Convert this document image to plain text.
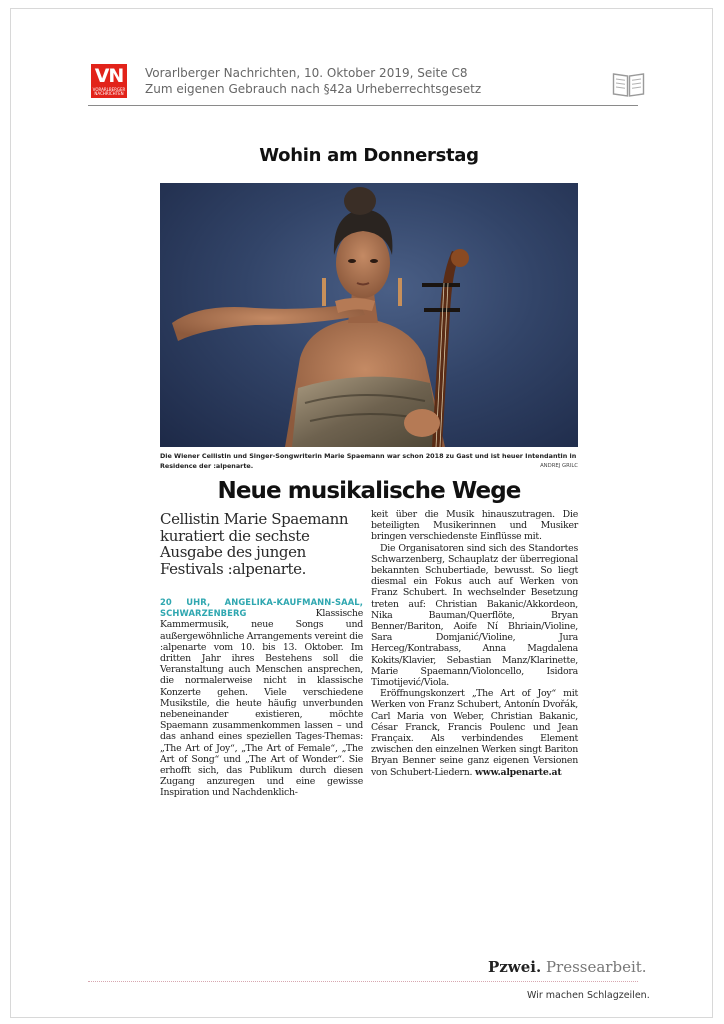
VN
VORARLBERGER NACHRICHTEN
Vorarlberger Nachrichten, 10. Oktober 2019, Seite C8
Zum eigenen Gebrauch nach §42a Urheberrechtsgesetz
Wohin am Donnerstag
Die Wiener Cellistin und Singer-Songwriterin Marie Spaemann war schon 2018 zu Gast und ist heuer Intendantin in Residence der :alpenarte.	ANDREJ GRILC
Neue musikalische Wege
Cellistin Marie Spaemann kuratiert die sechste Ausgabe des jungen Festivals :alpenarte.

20 UHR, ANGELIKA-KAUFMANN-SAAL, SCHWARZENBERG Klassische Kammermusik, neue Songs und außergewöhnliche Arrangements vereint die :alpenarte vom 10. bis 13. Oktober. Im dritten Jahr ihres Bestehens soll die Veranstaltung auch Menschen ansprechen, die normalerweise nicht in klassische Konzerte gehen. Viele verschiedene Musikstile, die heute häufig unverbunden nebeneinander existieren, möchte Spaemann zusammenkommen lassen – und das anhand eines speziellen Tages-Themas: „The Art of Joy“, „The Art of Female“, „The Art of Song“ und „The Art of Wonder“. Sie erhofft sich, das Publikum durch diesen Zugang anzuregen und eine gewisse Inspiration und Nachdenklich-

keit über die Musik hinauszutragen. Die beteiligten Musikerinnen und Musiker bringen verschiedenste Einflüsse mit.

Die Organisatoren sind sich des Standortes Schwarzenberg, Schauplatz der überregional bekannten Schubertiade, bewusst. So liegt diesmal ein Fokus auch auf Werken von Franz Schubert. In wechselnder Besetzung treten auf: Christian Bakanic/Akkordeon, Nika Bauman/Querflöte, Bryan Benner/Bariton, Aoife Ní Bhriain/Violine, Sara Domjanić/Violine, Jura Herceg/Kontrabass, Anna Magdalena Kokits/Klavier, Sebastian Manz/Klarinette, Marie Spaemann/Violoncello, Isidora Timotijević/Viola.

Eröffnungskonzert „The Art of Joy“ mit Werken von Franz Schubert, Antonín Dvořák, Carl Maria von Weber, Christian Bakanic, César Franck, Francis Poulenc und Jean Françaix. Als verbindendes Element zwischen den einzelnen Werken singt Bariton Bryan Benner seine ganz eigenen Versionen von Schubert-Liedern. www.alpenarte.at

Pzwei. Pressearbeit.
Wir machen Schlagzeilen.
